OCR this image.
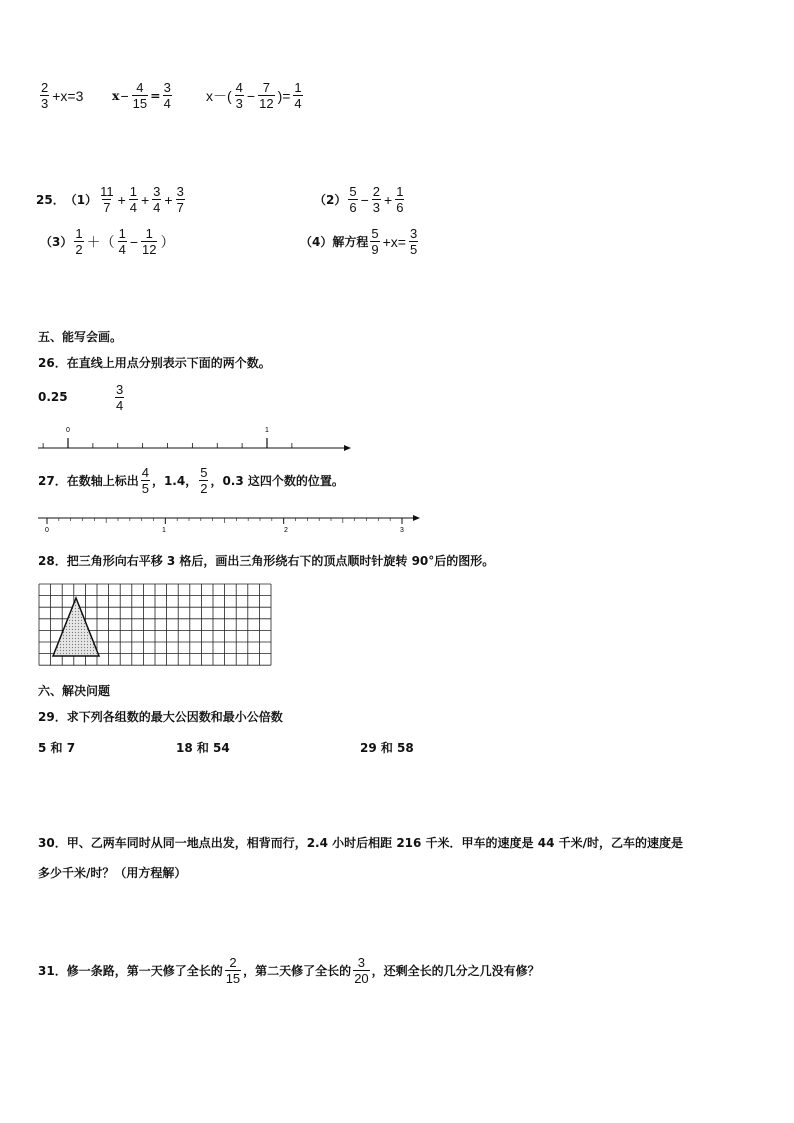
$\frac{2}{3} +x=3$ $x - \frac{4}{15} = \frac{3}{4} x-( \frac{4}{3} - \frac{7}{12}$ )= $\frac{1}{4}$
25． $(1) \frac{11}{7} + \frac{1}{4} + \frac{3}{4} + \frac{3}{7}$	$(2) \frac{5}{6} - \frac{2}{3} + \frac{1}{6}$
$(3) \frac{1}{2}$ ＋（ $\frac{1}{4} - \frac{1}{12}$ ）	（4）解方程 $\frac{5}{9} +x= \frac{3}{5}$
五、能写会画。
26．在直线上用点分别表示下面的两个数。
0.25	$\frac{3}{4}$
0	1
27．在数轴上标出 $\frac{4}{5}$ ，1.4， $\frac{5}{2}$ ，0.3 这四个数的位置。
0	1	2	3
28．把三角形向右平移 3 格后，画出三角形绕右下的顶点顺时针旋转 90°后的图形。
六、解决问题
29．求下列各组数的最大公因数和最小公倍数
5 和 7	18 和 54	29 和 58
30．甲、乙两车同时从同一地点出发，相背而行，2.4 小时后相距 216 千米．甲车的速度是 44 千米/时，乙车的速度是
多少千米/时？（用方程解）
31．修一条路，第一天修了全长的 $\frac{2}{15}$ ，第二天修了全长的 $\frac{3}{20}$ ，还剩全长的几分之几没有修？
